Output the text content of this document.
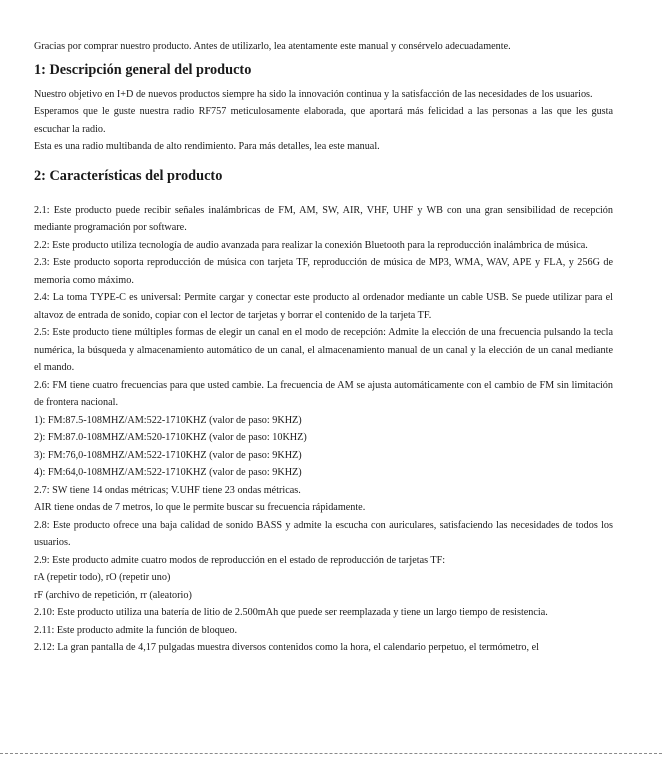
Gracias por comprar nuestro producto. Antes de utilizarlo, lea atentamente este manual y consérvelo adecuadamente.

1: Descripción general del producto

Nuestro objetivo en I+D de nuevos productos siempre ha sido la innovación continua y la satisfacción de las necesidades de los usuarios.

Esperamos que le guste nuestra radio RF757 meticulosamente elaborada, que aportará más felicidad a las personas a las que les gusta escuchar la radio.

Esta es una radio multibanda de alto rendimiento. Para más detalles, lea este manual.

2: Características del producto

2.1: Este producto puede recibir señales inalámbricas de FM, AM, SW, AIR, VHF, UHF y WB con una gran sensibilidad de recepción mediante programación por software.

2.2: Este producto utiliza tecnología de audio avanzada para realizar la conexión Bluetooth para la reproducción inalámbrica de música.

2.3: Este producto soporta reproducción de música con tarjeta TF, reproducción de música de MP3, WMA, WAV, APE y FLA, y 256G de memoria como máximo.

2.4: La toma TYPE-C es universal: Permite cargar y conectar este producto al ordenador mediante un cable USB. Se puede utilizar para el altavoz de entrada de sonido, copiar con el lector de tarjetas y borrar el contenido de la tarjeta TF.

2.5: Este producto tiene múltiples formas de elegir un canal en el modo de recepción: Admite la elección de una frecuencia pulsando la tecla numérica, la búsqueda y almacenamiento automático de un canal, el almacenamiento manual de un canal y la elección de un canal mediante el mando.

2.6: FM tiene cuatro frecuencias para que usted cambie. La frecuencia de AM se ajusta automáticamente con el cambio de FM sin limitación de frontera nacional.

1): FM:87.5-108MHZ/AM:522-1710KHZ (valor de paso: 9KHZ)

2): FM:87.0-108MHZ/AM:520-1710KHZ (valor de paso: 10KHZ)

3): FM:76,0-108MHZ/AM:522-1710KHZ (valor de paso: 9KHZ)

4): FM:64,0-108MHZ/AM:522-1710KHZ (valor de paso: 9KHZ)

2.7: SW tiene 14 ondas métricas; V.UHF tiene 23 ondas métricas.

AIR tiene ondas de 7 metros, lo que le permite buscar su frecuencia rápidamente.

2.8: Este producto ofrece una baja calidad de sonido BASS y admite la escucha con auriculares, satisfaciendo las necesidades de todos los usuarios.

2.9: Este producto admite cuatro modos de reproducción en el estado de reproducción de tarjetas TF:

rA (repetir todo), rO (repetir uno)

rF (archivo de repetición, rr (aleatorio)

2.10: Este producto utiliza una batería de litio de 2.500mAh que puede ser reemplazada y tiene un largo tiempo de resistencia.

2.11: Este producto admite la función de bloqueo.

2.12: La gran pantalla de 4,17 pulgadas muestra diversos contenidos como la hora, el calendario perpetuo, el termómetro, el
